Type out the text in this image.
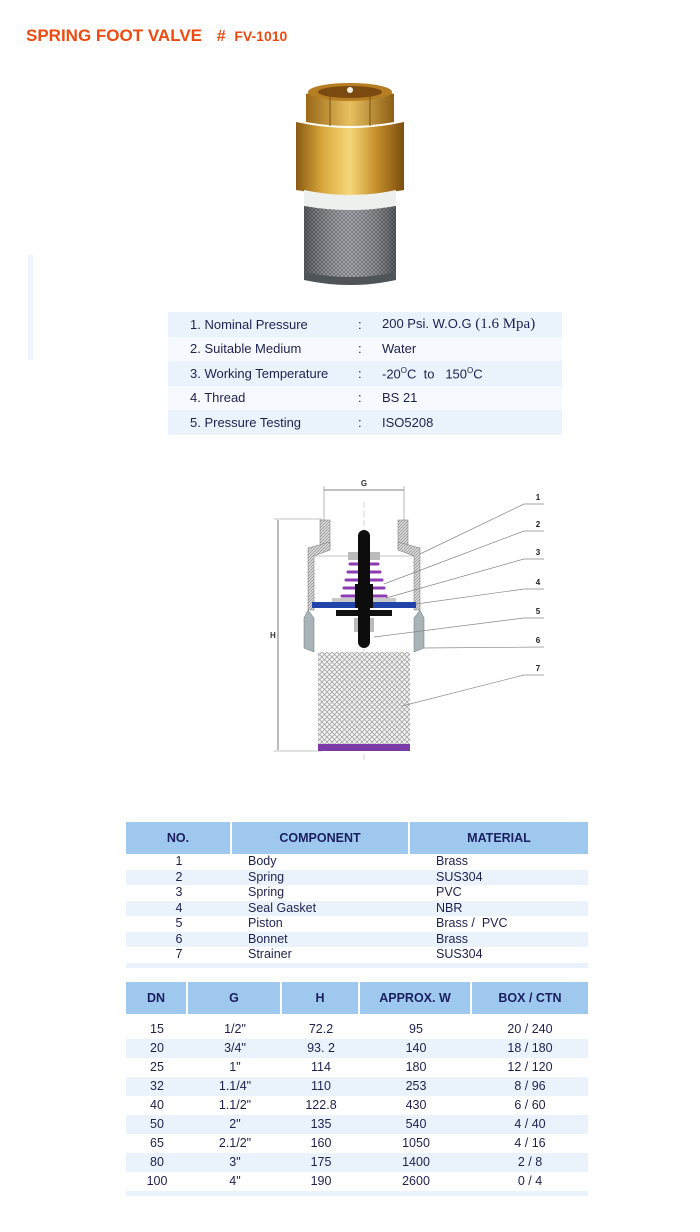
SPRING FOOT VALVE # FV-1010
1. Nominal Pressure	:	200 Psi. W.O.G (1.6 Mpa)
2. Suitable Medium	:	Water
3. Working Temperature	:	$-20^OC$  to   $150^OC$
4. Thread	:	BS 21
5. Pressure Testing	:	ISO5208
G
H
1
2
3
4
5
6
7
NO.	COMPONENT	MATERIAL
1	Body	Brass
2	Spring	SUS304
3	Spring	PVC
4	Seal Gasket	NBR
5	Piston	Brass /  PVC
6	Bonnet	Brass
7	Strainer	SUS304

DN	G	H	APPROX. W	BOX / CTN
15	1/2"	72.2	95	20 / 240
20	3/4"	93. 2	140	18 / 180
25	1"	114	180	12 / 120
32	1.1/4"	110	253	8 / 96
40	1.1/2"	122.8	430	6 / 60
50	2"	135	540	4 / 40
65	2.1/2"	160	1050	4 / 16
80	3"	175	1400	2 / 8
100	4"	190	2600	0 / 4
